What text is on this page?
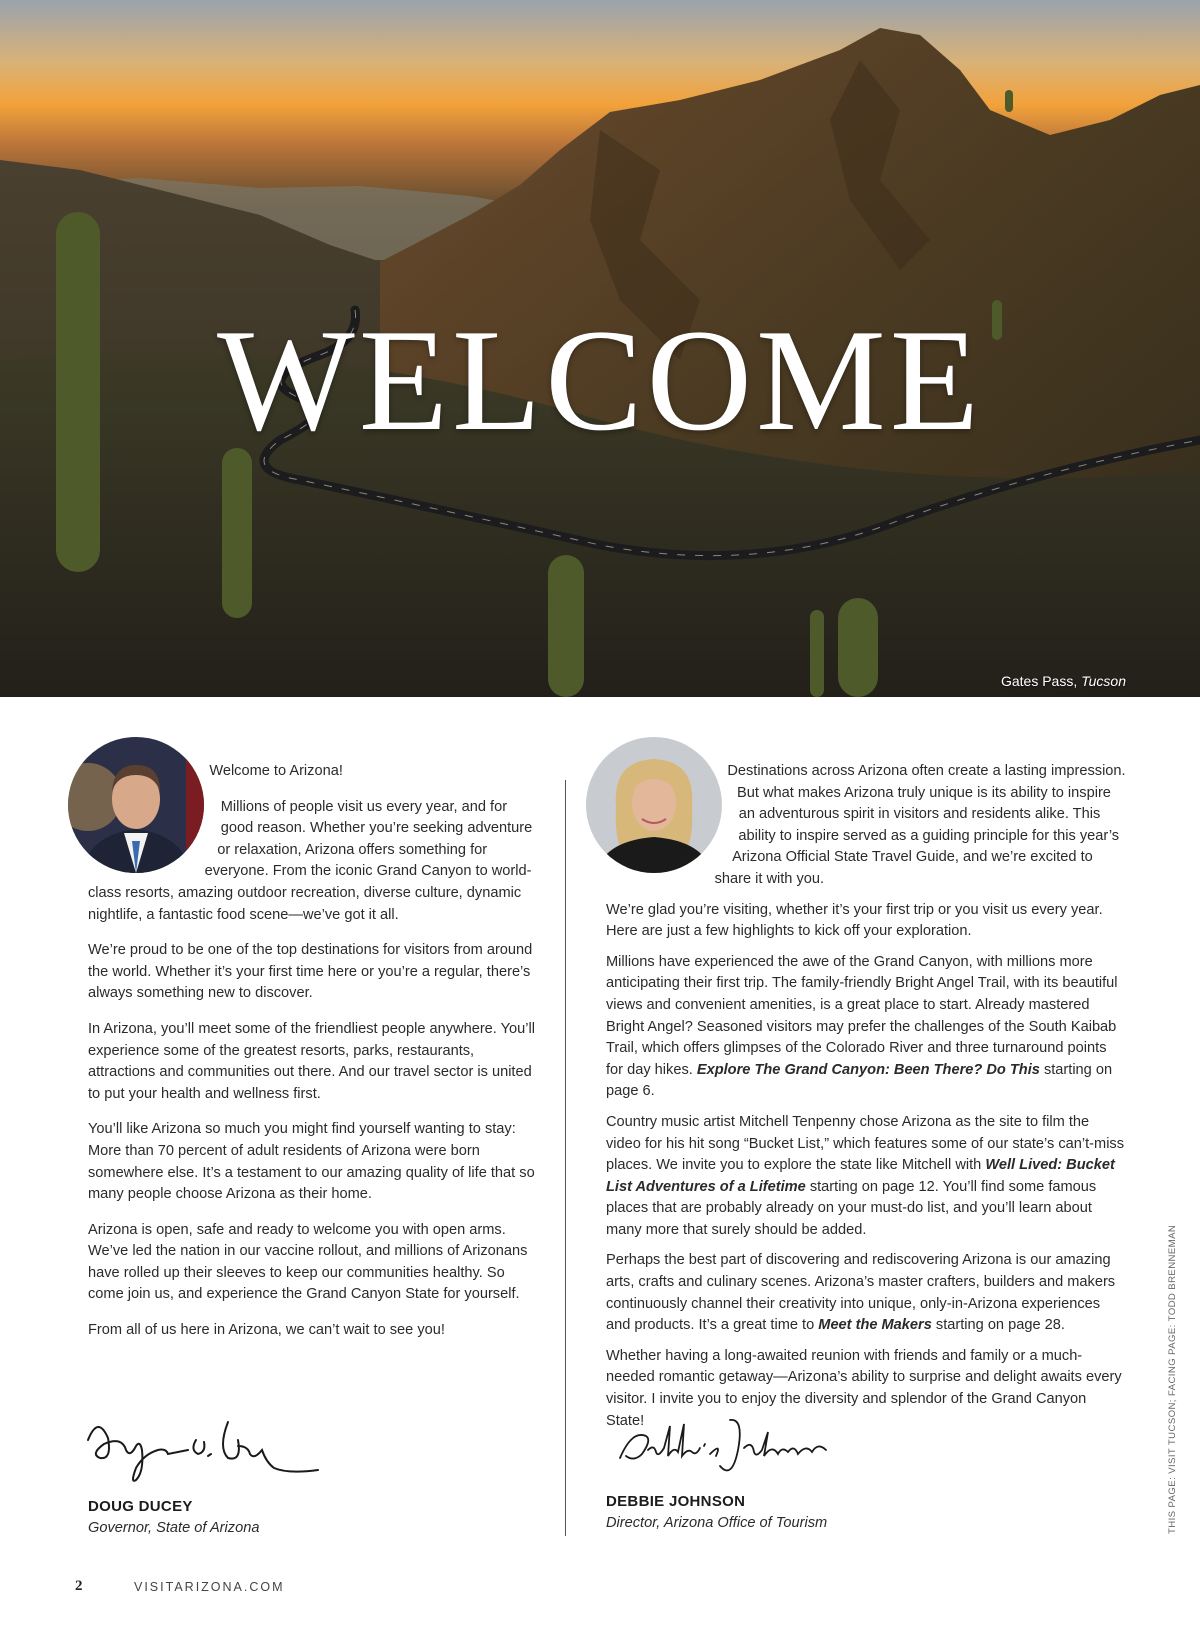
WELCOME
Gates Pass, Tucson

Welcome to Arizona!

Millions of people visit us every year, and for good reason. Whether you’re seeking adventure or relaxation, Arizona offers something for everyone. From the iconic Grand Canyon to world-class resorts, amazing outdoor recreation, diverse culture, dynamic nightlife, a fantastic food scene—we’ve got it all.

We’re proud to be one of the top destinations for visitors from around the world. Whether it’s your first time here or you’re a regular, there’s always something new to discover.

In Arizona, you’ll meet some of the friendliest people anywhere. You’ll experience some of the greatest resorts, parks, restaurants, attractions and communities out there. And our travel sector is united to put your health and wellness first.

You’ll like Arizona so much you might find yourself wanting to stay: More than 70 percent of adult residents of Arizona were born somewhere else. It’s a testament to our amazing quality of life that so many people choose Arizona as their home.

Arizona is open, safe and ready to welcome you with open arms. We’ve led the nation in our vaccine rollout, and millions of Arizonans have rolled up their sleeves to keep our communities healthy. So come join us, and experience the Grand Canyon State for yourself.

From all of us here in Arizona, we can’t wait to see you!

DOUG DUCEY
Governor, State of Arizona

Destinations across Arizona often create a lasting impression. But what makes Arizona truly unique is its ability to inspire an adventurous spirit in visitors and residents alike. This ability to inspire served as a guiding principle for this year’s Arizona Official State Travel Guide, and we’re excited to share it with you.

We’re glad you’re visiting, whether it’s your first trip or you visit us every year. Here are just a few highlights to kick off your exploration.

Millions have experienced the awe of the Grand Canyon, with millions more anticipating their first trip. The family-friendly Bright Angel Trail, with its beautiful views and convenient amenities, is a great place to start. Already mastered Bright Angel? Seasoned visitors may prefer the challenges of the South Kaibab Trail, which offers glimpses of the Colorado River and three turnaround points for day hikes. Explore The Grand Canyon: Been There? Do This starting on page 6.

Country music artist Mitchell Tenpenny chose Arizona as the site to film the video for his hit song “Bucket List,” which features some of our state’s can’t-miss places. We invite you to explore the state like Mitchell with Well Lived: Bucket List Adventures of a Lifetime starting on page 12. You’ll find some famous places that are probably already on your must-do list, and you’ll learn about many more that surely should be added.

Perhaps the best part of discovering and rediscovering Arizona is our amazing arts, crafts and culinary scenes. Arizona’s master crafters, builders and makers continuously channel their creativity into unique, only-in-Arizona experiences and products. It’s a great time to Meet the Makers starting on page 28.

Whether having a long-awaited reunion with friends and family or a much-needed romantic getaway—Arizona’s ability to surprise and delight awaits every visitor. I invite you to enjoy the diversity and splendor of the Grand Canyon State!

DEBBIE JOHNSON
Director, Arizona Office of Tourism	THIS PAGE: VISIT TUCSON; FACING PAGE: TODD BRENNEMAN
2	VISITARIZONA.COM
